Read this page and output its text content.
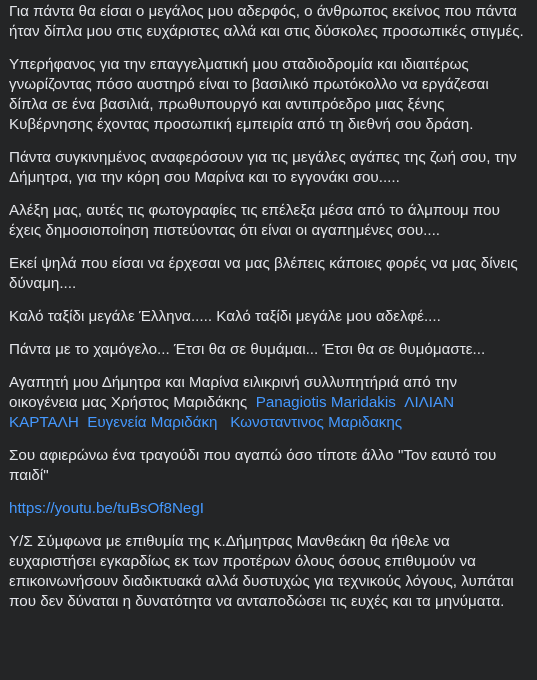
Για πάντα θα είσαι ο μεγάλος μου αδερφός, ο άνθρωπος εκείνος που πάντα ήταν δίπλα μου στις ευχάριστες αλλά και στις δύσκολες προσωπικές στιγμές.

Υπερήφανος για την επαγγελματική μου σταδιοδρομία και ιδιαιτέρως γνωρίζοντας πόσο αυστηρό είναι το βασιλικό πρωτόκολλο να εργάζεσαι δίπλα σε ένα βασιλιά, πρωθυπουργό και αντιπρόεδρο μιας ξένης Κυβέρνησης έχοντας προσωπική εμπειρία από τη διεθνή σου δράση.

Πάντα συγκινημένος αναφερόσουν για τις μεγάλες αγάπες της ζωή σου, την Δήμητρα, για την κόρη σου Μαρίνα και το εγγονάκι σου.....

Αλέξη μας, αυτές τις φωτογραφίες τις επέλεξα μέσα από το άλμπουμ που έχεις δημοσιοποίηση πιστεύοντας ότι είναι οι αγαπημένες σου....

Εκεί ψηλά που είσαι να έρχεσαι να μας βλέπεις κάποιες φορές να μας δίνεις δύναμη....

Καλό ταξίδι μεγάλε Έλληνα..... Καλό ταξίδι μεγάλε μου αδελφέ....

Πάντα με το χαμόγελο... Έτσι θα σε θυμάμαι... Έτσι θα σε θυμόμαστε...

Αγαπητή μου Δήμητρα και Μαρίνα ειλικρινή συλλυπητήριά από την οικογένεια μας Χρήστος Μαριδάκης Panagiotis Maridakis ΛΙΛΙΑΝ ΚΑΡΤΑΛΗ Ευγενεία Μαριδάκη Κωνσταντινος Μαριδακης

Σου αφιερώνω ένα τραγούδι που αγαπώ όσο τίποτε άλλο "Τον εαυτό του παιδί"

https://youtu.be/tuBsOf8NegI

Υ/Σ Σύμφωνα με επιθυμία της κ.Δήμητρας Μανθεάκη θα ήθελε να ευχαριστήσει εγκαρδίως εκ των προτέρων όλους όσους επιθυμούν να επικοινωνήσουν διαδικτυακά αλλά δυστυχώς για τεχνικούς λόγους, λυπάται που δεν δύναται η δυνατότητα να ανταποδώσει τις ευχές και τα μηνύματα.
